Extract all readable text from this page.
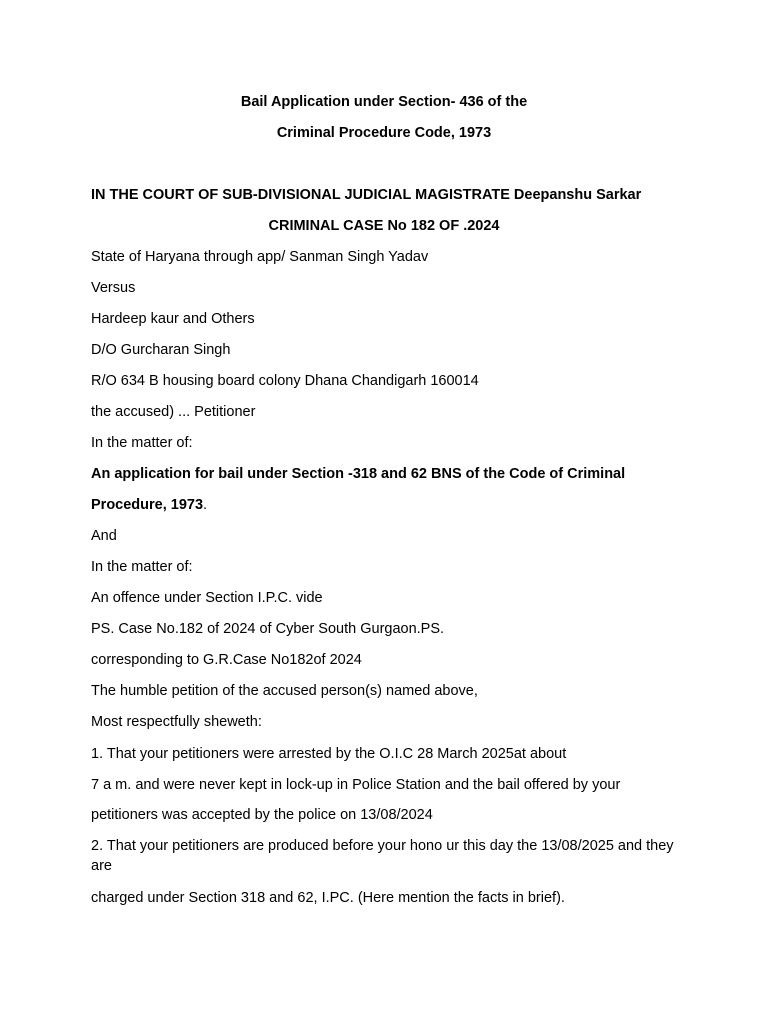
Bail Application under Section- 436 of the
Criminal Procedure Code, 1973
IN THE COURT OF SUB-DIVISIONAL JUDICIAL MAGISTRATE Deepanshu Sarkar
CRIMINAL CASE No 182 OF .2024
State of Haryana through app/ Sanman Singh Yadav
Versus
Hardeep kaur and Others
D/O Gurcharan Singh
R/O 634 B housing board colony Dhana Chandigarh 160014
the accused) ... Petitioner
In the matter of:
An application for bail under Section -318 and 62 BNS of the Code of Criminal
Procedure, 1973.
And
In the matter of:
An offence under Section I.P.C. vide
PS. Case No.182 of 2024 of Cyber South Gurgaon.PS.
corresponding to G.R.Case No182of 2024
The humble petition of the accused person(s) named above,
Most respectfully sheweth:
1. That your petitioners were arrested by the O.I.C 28 March 2025at about
7 a m. and were never kept in lock-up in Police Station and the bail offered by your
petitioners was accepted by the police on 13/08/2024
2. That your petitioners are produced before your hono ur this day the 13/08/2025 and they are
charged under Section 318 and 62, I.PC. (Here mention the facts in brief).
